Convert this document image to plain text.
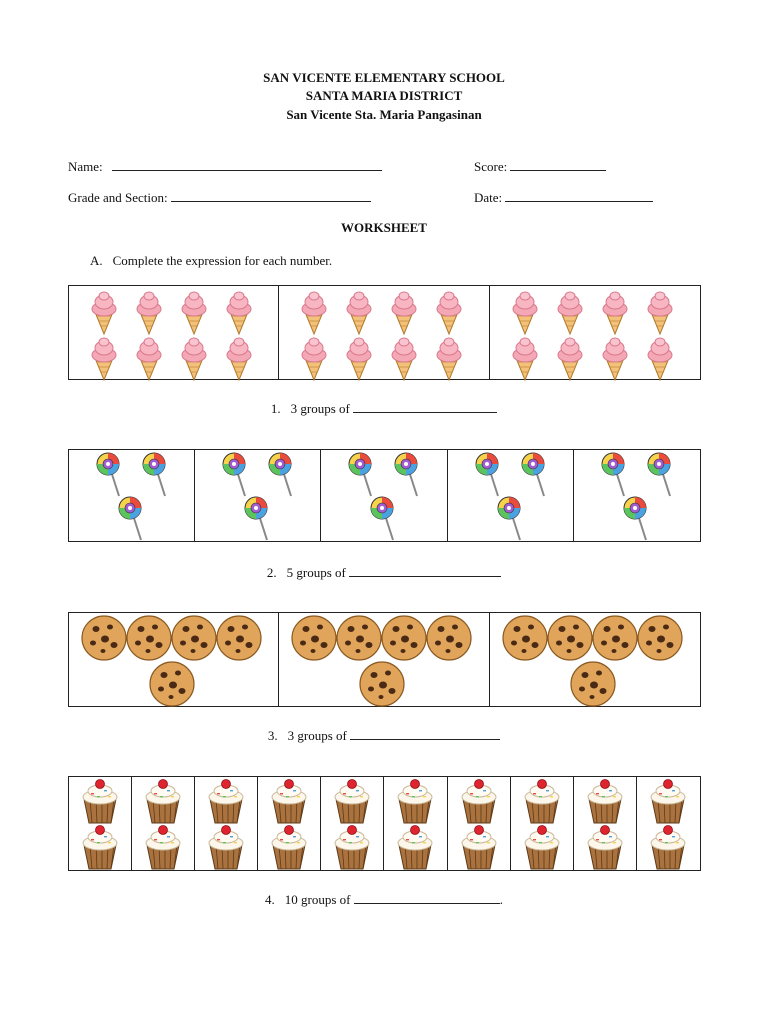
SAN VICENTE ELEMENTARY SCHOOL
SANTA MARIA DISTRICT
San Vicente Sta. Maria Pangasinan
Name:	Score:
Grade and Section:	Date:
WORKSHEET
A. Complete the expression for each number.
1. 3 groups of
2. 5 groups of
3. 3 groups of
4. 10 groups of	.
